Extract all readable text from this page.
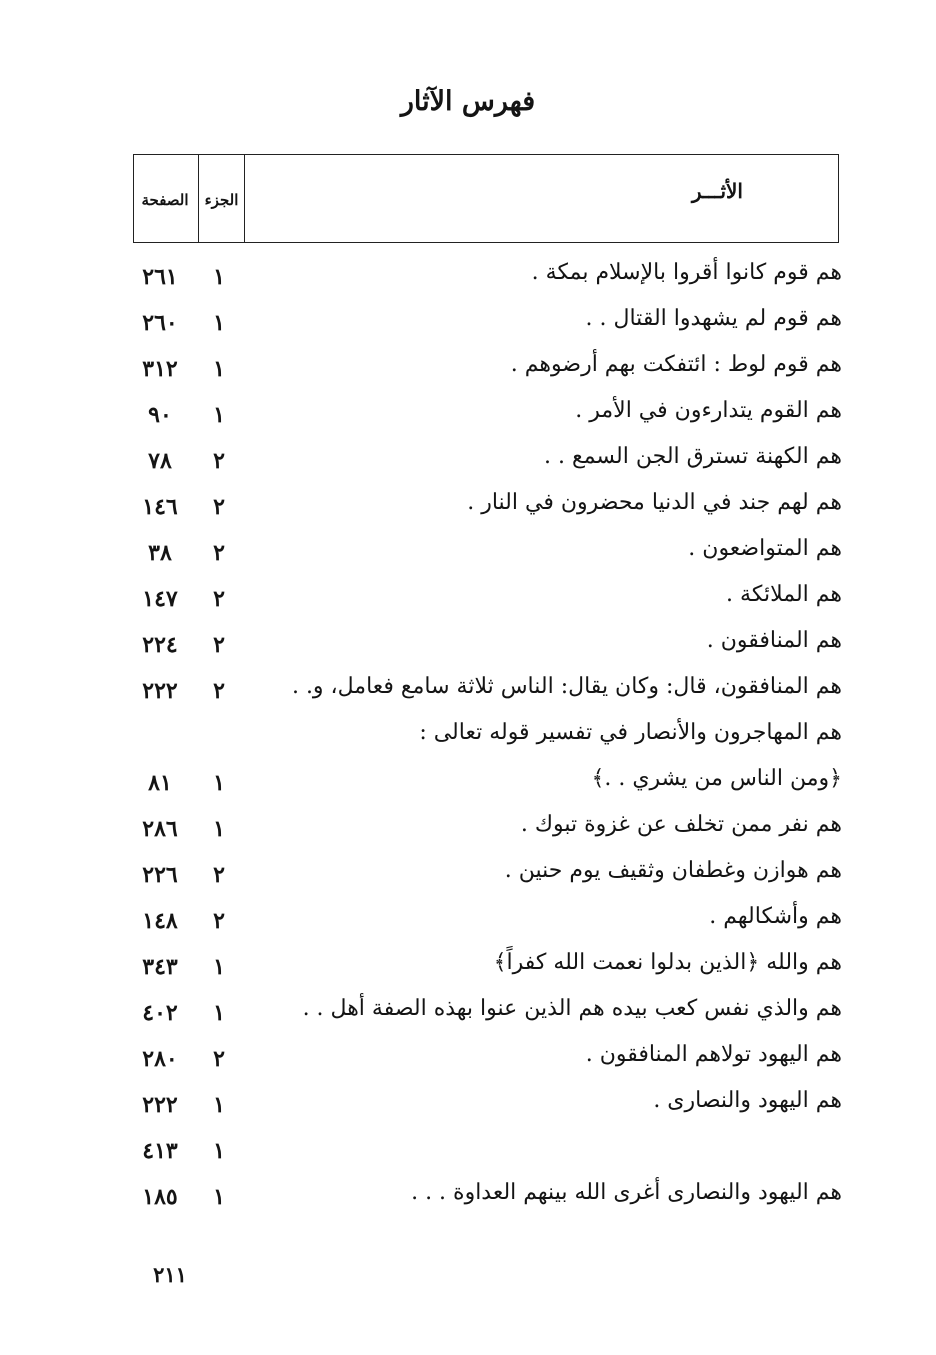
فهرس الآثار
الأثـــر
الجزء
الصفحة
هم قوم كانوا أقروا بالإسلام بمكة .
١
٢٦١
هم قوم لم يشهدوا القتال . .
١
٢٦٠
هم قوم لوط : ائتفكت بهم أرضوهم .
١
٣١٢
هم القوم يتدارءون في الأمر .
١
٩٠
هم الكهنة تسترق الجن السمع . .
٢
٧٨
هم لهم جند في الدنيا محضرون في النار .
٢
١٤٦
هم المتواضعون .
٢
٣٨
هم الملائكة .
٢
١٤٧
هم المنافقون .
٢
٢٢٤
هم المنافقون، قال: وكان يقال: الناس ثلاثة سامع فعامل، و. .
٢
٢٢٢
هم المهاجرون والأنصار في تفسير قوله تعالى :
﴿ومن الناس من يشري . .﴾
١
٨١
هم نفر ممن تخلف عن غزوة تبوك .
١
٢٨٦
هم هوازن وغطفان وثقيف يوم حنين .
٢
٢٢٦
هم وأشكالهم .
٢
١٤٨
هم والله ﴿الذين بدلوا نعمت الله كفراً﴾
١
٣٤٣
هم والذي نفس كعب بيده هم الذين عنوا بهذه الصفة أهل . .
١
٤٠٢
هم اليهود تولاهم المنافقون .
٢
٢٨٠
هم اليهود والنصارى .
١
٢٢٢
١
٤١٣
هم اليهود والنصارى أغرى الله بينهم العداوة . . .
١
١٨٥
٢١١
